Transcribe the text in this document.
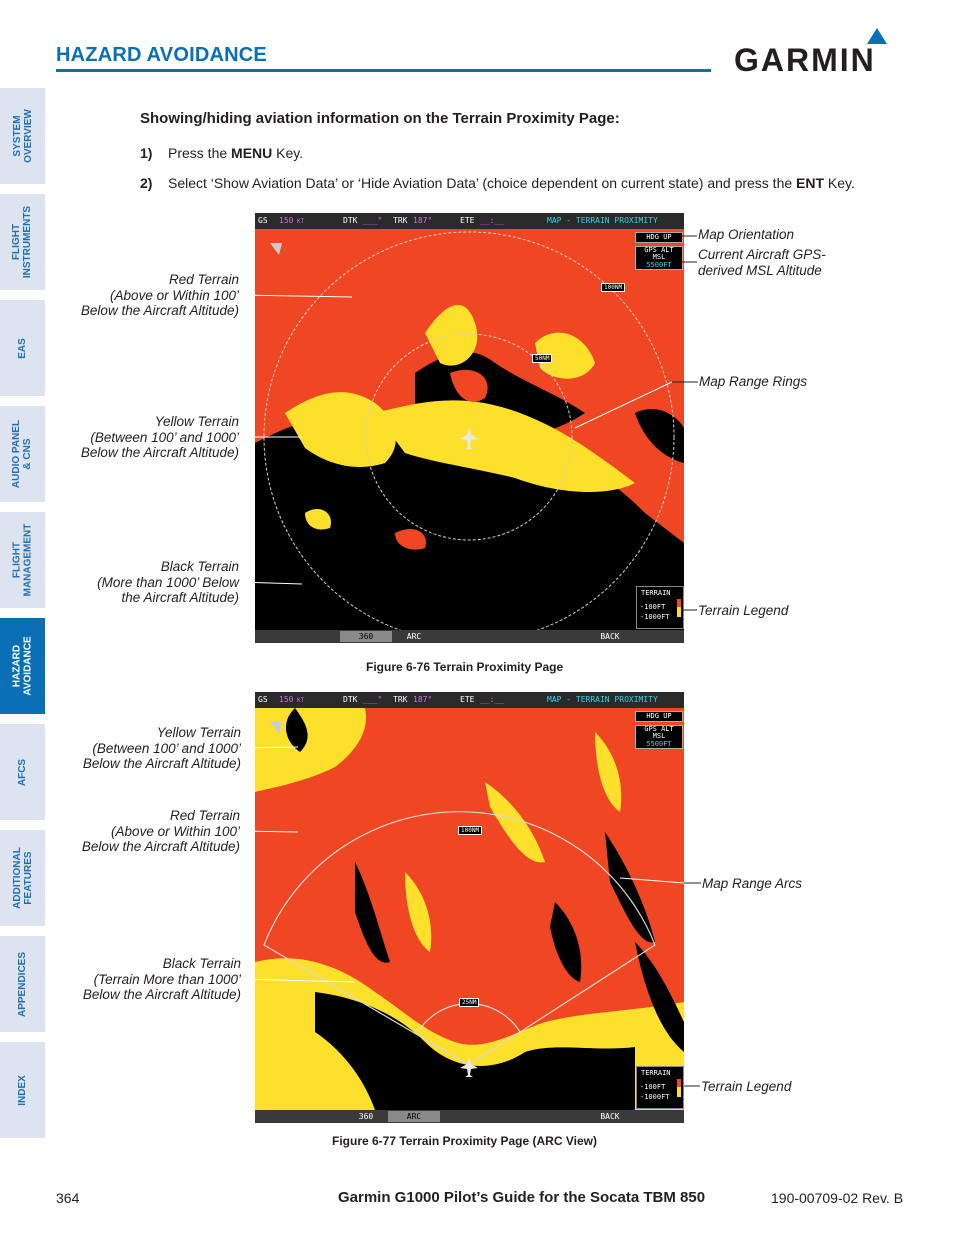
HAZARD AVOIDANCE	GARMIN
SYSTEM
OVERVIEW
FLIGHT
INSTRUMENTS
EAS
AUDIO PANEL
& CNS
FLIGHT
MANAGEMENT
HAZARD
AVOIDANCE
AFCS
ADDITIONAL
FEATURES
APPENDICES
INDEX
Showing/hiding aviation information on the Terrain Proximity Page:
1) Press the MENU Key.
2) Select ‘Show Aviation Data’ or ‘Hide Aviation Data’ (choice dependent on current state) and press the ENT Key.
GS 150 KT	DTK ___° TRK 187°	ETE __:__	MAP - TERRAIN PROXIMITY
HDG UP
GPS ALT
MSL
5500FT
100NM
50NM
TERRAIN
-100FT
-1000FT
360	ARC	BACK
Figure 6-76 Terrain Proximity Page
GS 150 KT	DTK ___° TRK 187°	ETE __:__	MAP - TERRAIN PROXIMITY
HDG UP
GPS ALT
MSL
5500FT
100NM
25NM
TERRAIN
-100FT
-1000FT
360	ARC	BACK
Figure 6-77 Terrain Proximity Page (ARC View)
Red Terrain
(Above or Within 100’
Below the Aircraft Altitude)
Yellow Terrain
(Between 100’ and 1000’
Below the Aircraft Altitude)
Black Terrain
(More than 1000’ Below
the Aircraft Altitude)
Map Orientation
Current Aircraft GPS-
derived MSL Altitude
Map Range Rings
Terrain Legend
Yellow Terrain
(Between 100’ and 1000’
Below the Aircraft Altitude)
Red Terrain
(Above or Within 100’
Below the Aircraft Altitude)
Black Terrain
(Terrain More than 1000’
Below the Aircraft Altitude)
Map Range Arcs
Terrain Legend
364	Garmin G1000 Pilot’s Guide for the Socata TBM 850	190-00709-02 Rev. B
